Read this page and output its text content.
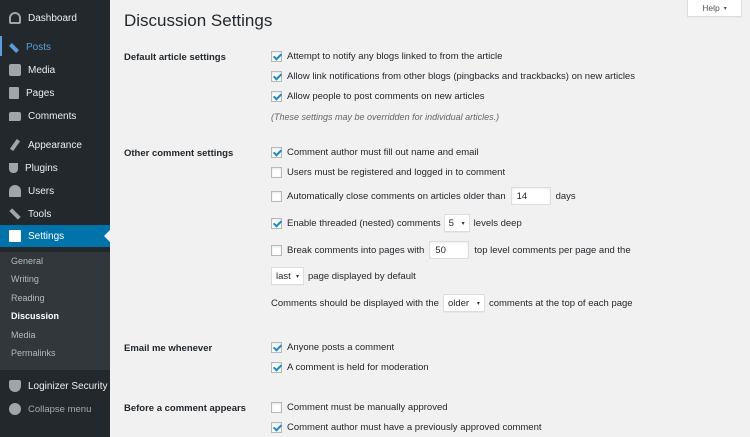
Dashboard
Posts
Media
Pages
Comments
Appearance
Plugins
Users
Tools
Settings
General
Writing
Reading
Discussion
Media
Permalinks
Loginizer Security
Collapse menu
Discussion Settings
Help ▾
Default article settings	Attempt to notify any blogs linked to from the article
Allow link notifications from other blogs (pingbacks and trackbacks) on new articles
Allow people to post comments on new articles
(These settings may be overridden for individual articles.)
Other comment settings	Comment author must fill out name and email
Users must be registered and logged in to comment
Automatically close comments on articles older than	14	days
Enable threaded (nested) comments 5 ▾ levels deep
Break comments into pages with	50	top level comments per page and the
last ▾ page displayed by default
Comments should be displayed with the older ▾ comments at the top of each page
Email me whenever	Anyone posts a comment
A comment is held for moderation
Before a comment appears	Comment must be manually approved
Comment author must have a previously approved comment
